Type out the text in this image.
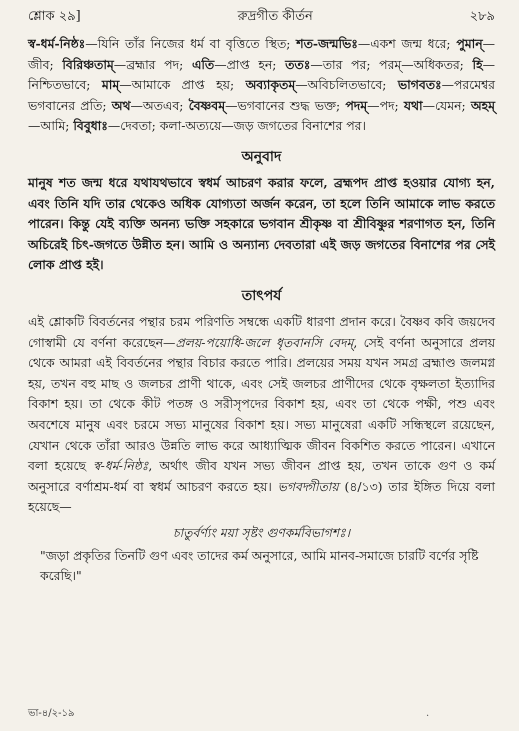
শ্লোক ২৯]	রুদ্রগীত কীর্তন	২৮৯

স্ব-ধর্ম-নিষ্ঠঃ—যিনি তাঁর নিজের ধর্ম বা বৃত্তিতে স্থিত; শত-জন্মভিঃ—একশ জন্ম ধরে; পুমান্—জীব; বিরিঞ্চতাম্—ব্রহ্মার পদ; এতি—প্রাপ্ত হন; ততঃ—তার পর; পরম্—অধিকতর; হি—নিশ্চিতভাবে; মাম্—আমাকে প্রাপ্ত হয়; অব্যাকৃতম্—অবিচলিতভাবে; ভাগবতঃ—পরমেশ্বর ভগবানের প্রতি; অথ—অতএব; বৈষ্ণবম্—ভগবানের শুদ্ধ ভক্ত; পদম্—পদ; যথা—যেমন; অহম্—আমি; বিবুধাঃ—দেবতা; কলা-অত্যয়ে—জড় জগতের বিনাশের পর।

অনুবাদ

মানুষ শত জন্ম ধরে যথাযথভাবে স্বধর্ম আচরণ করার ফলে, ব্রহ্মপদ প্রাপ্ত হওয়ার যোগ্য হন, এবং তিনি যদি তার থেকেও অধিক যোগ্যতা অর্জন করেন, তা হলে তিনি আমাকে লাভ করতে পারেন। কিন্তু যেই ব্যক্তি অনন্য ভক্তি সহকারে ভগবান শ্রীকৃষ্ণ বা শ্রীবিষ্ণুর শরণাগত হন, তিনি অচিরেই চিৎ-জগতে উন্নীত হন। আমি ও অন্যান্য দেবতারা এই জড় জগতের বিনাশের পর সেই লোক প্রাপ্ত হই।

তাৎপর্য

এই শ্লোকটি বিবর্তনের পন্থার চরম পরিণতি সম্বন্ধে একটি ধারণা প্রদান করে। বৈষ্ণব কবি জয়দেব গোস্বামী যে বর্ণনা করেছেন—প্রলয়-পয়োধি-জলে ধৃতবানসি বেদম্, সেই বর্ণনা অনুসারে প্রলয় থেকে আমরা এই বিবর্তনের পন্থার বিচার করতে পারি। প্রলয়ের সময় যখন সমগ্র ব্রহ্মাণ্ড জলমগ্ন হয়, তখন বহু মাছ ও জলচর প্রাণী থাকে, এবং সেই জলচর প্রাণীদের থেকে বৃক্ষলতা ইত্যাদির বিকাশ হয়। তা থেকে কীট পতঙ্গ ও সরীসৃপদের বিকাশ হয়, এবং তা থেকে পক্ষী, পশু এবং অবশেষে মানুষ এবং চরমে সভ্য মানুষের বিকাশ হয়। সভ্য মানুষেরা একটি সন্ধিস্থলে রয়েছেন, যেখান থেকে তাঁরা আরও উন্নতি লাভ করে আধ্যাত্মিক জীবন বিকশিত করতে পারেন। এখানে বলা হয়েছে স্ব-ধর্ম-নিষ্ঠঃ, অর্থাৎ জীব যখন সভ্য জীবন প্রাপ্ত হয়, তখন তাকে গুণ ও কর্ম অনুসারে বর্ণাশ্রম-ধর্ম বা স্বধর্ম আচরণ করতে হয়। ভগবদ্গীতায় (৪/১৩) তার ইঙ্গিত দিয়ে বলা হয়েছে—

চাতুর্বর্ণ্যং ময়া সৃষ্টং গুণকর্মবিভাগশঃ।

"জড়া প্রকৃতির তিনটি গুণ এবং তাদের কর্ম অনুসারে, আমি মানব-সমাজে চারটি বর্ণের সৃষ্টি করেছি।"

ভা-৪/২-১৯	.
